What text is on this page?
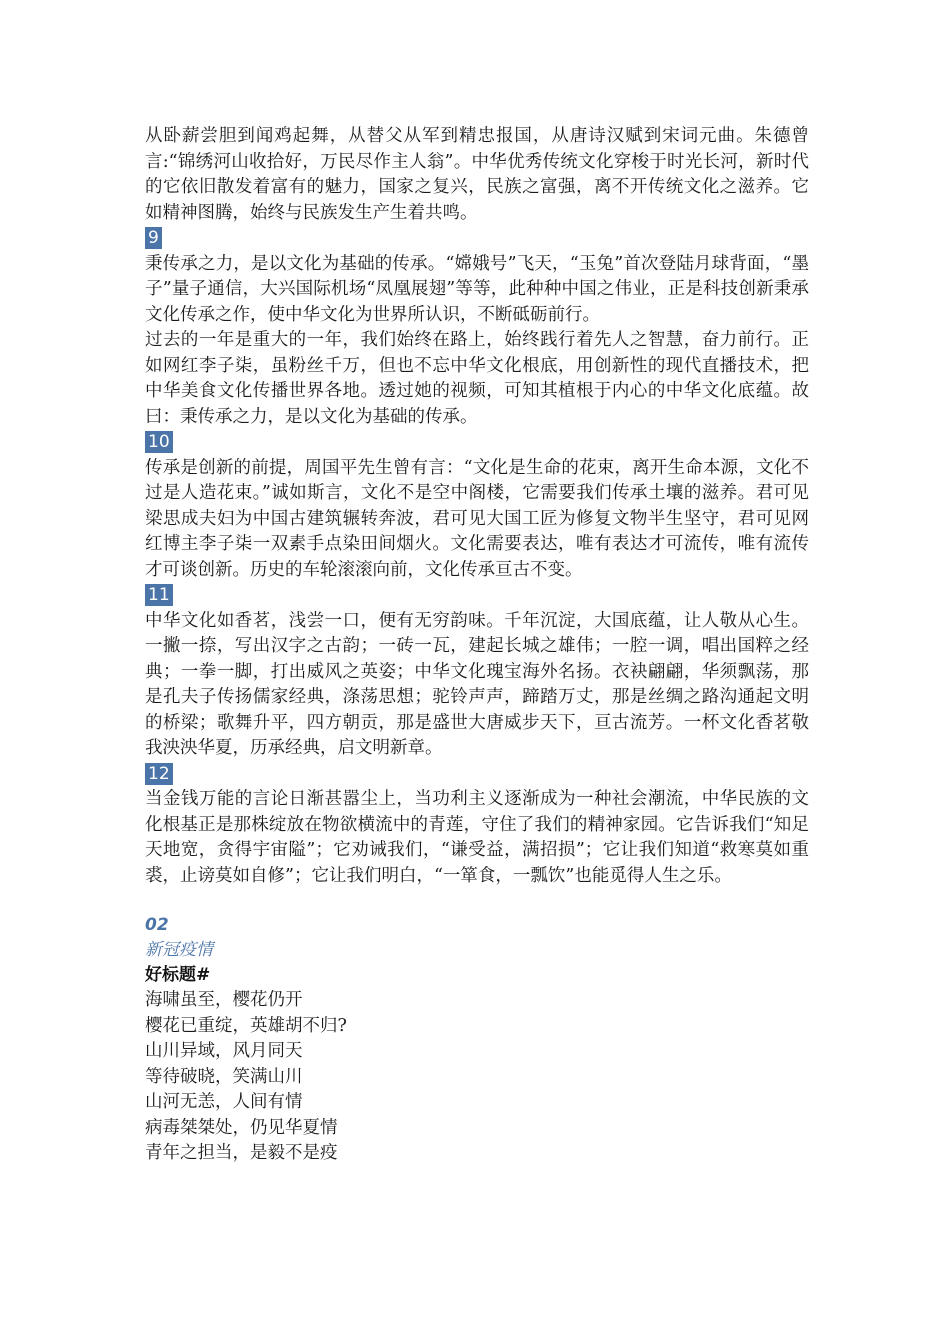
从卧薪尝胆到闻鸡起舞，从替父从军到精忠报国，从唐诗汉赋到宋词元曲。朱德曾言:“锦绣河山收拾好，万民尽作主人翁”。中华优秀传统文化穿梭于时光长河，新时代的它依旧散发着富有的魅力，国家之复兴，民族之富强，离不开传统文化之滋养。它如精神图腾，始终与民族发生产生着共鸣。

9

秉传承之力，是以文化为基础的传承。“嫦娥号”飞天，“玉兔”首次登陆月球背面，“墨子”量子通信，大兴国际机场“凤凰展翅”等等，此种种中国之伟业，正是科技创新秉承文化传承之作，使中华文化为世界所认识，不断砥砺前行。

过去的一年是重大的一年，我们始终在路上，始终践行着先人之智慧，奋力前行。正如网红李子柒，虽粉丝千万，但也不忘中华文化根底，用创新性的现代直播技术，把中华美食文化传播世界各地。透过她的视频，可知其植根于内心的中华文化底蕴。故曰：秉传承之力，是以文化为基础的传承。

10

传承是创新的前提，周国平先生曾有言：“文化是生命的花束，离开生命本源，文化不过是人造花束。”诚如斯言，文化不是空中阁楼，它需要我们传承土壤的滋养。君可见梁思成夫妇为中国古建筑辗转奔波，君可见大国工匠为修复文物半生坚守，君可见网红博主李子柒一双素手点染田间烟火。文化需要表达，唯有表达才可流传，唯有流传才可谈创新。历史的车轮滚滚向前，文化传承亘古不变。

11

中华文化如香茗，浅尝一口，便有无穷韵味。千年沉淀，大国底蕴，让人敬从心生。一撇一捺，写出汉字之古韵；一砖一瓦，建起长城之雄伟；一腔一调，唱出国粹之经典；一拳一脚，打出威风之英姿；中华文化瑰宝海外名扬。衣袂翩翩，华须飘荡，那是孔夫子传扬儒家经典，涤荡思想；驼铃声声，蹄踏万丈，那是丝绸之路沟通起文明的桥梁；歌舞升平，四方朝贡，那是盛世大唐威步天下，亘古流芳。一杯文化香茗敬我泱泱华夏，历承经典，启文明新章。

12

当金钱万能的言论日渐甚嚣尘上，当功利主义逐渐成为一种社会潮流，中华民族的文化根基正是那株绽放在物欲横流中的青莲，守住了我们的精神家园。它告诉我们“知足天地宽，贪得宇宙隘”；它劝诫我们，“谦受益，满招损”；它让我们知道“救寒莫如重裘，止谤莫如自修”；它让我们明白，“一箪食，一瓢饮”也能觅得人生之乐。

02
新冠疫情
好标题#

海啸虽至，樱花仍开

樱花已重绽，英雄胡不归?

山川异域，风月同天

等待破晓，笑满山川

山河无恙，人间有情

病毒桀桀处，仍见华夏情

青年之担当，是毅不是疫
